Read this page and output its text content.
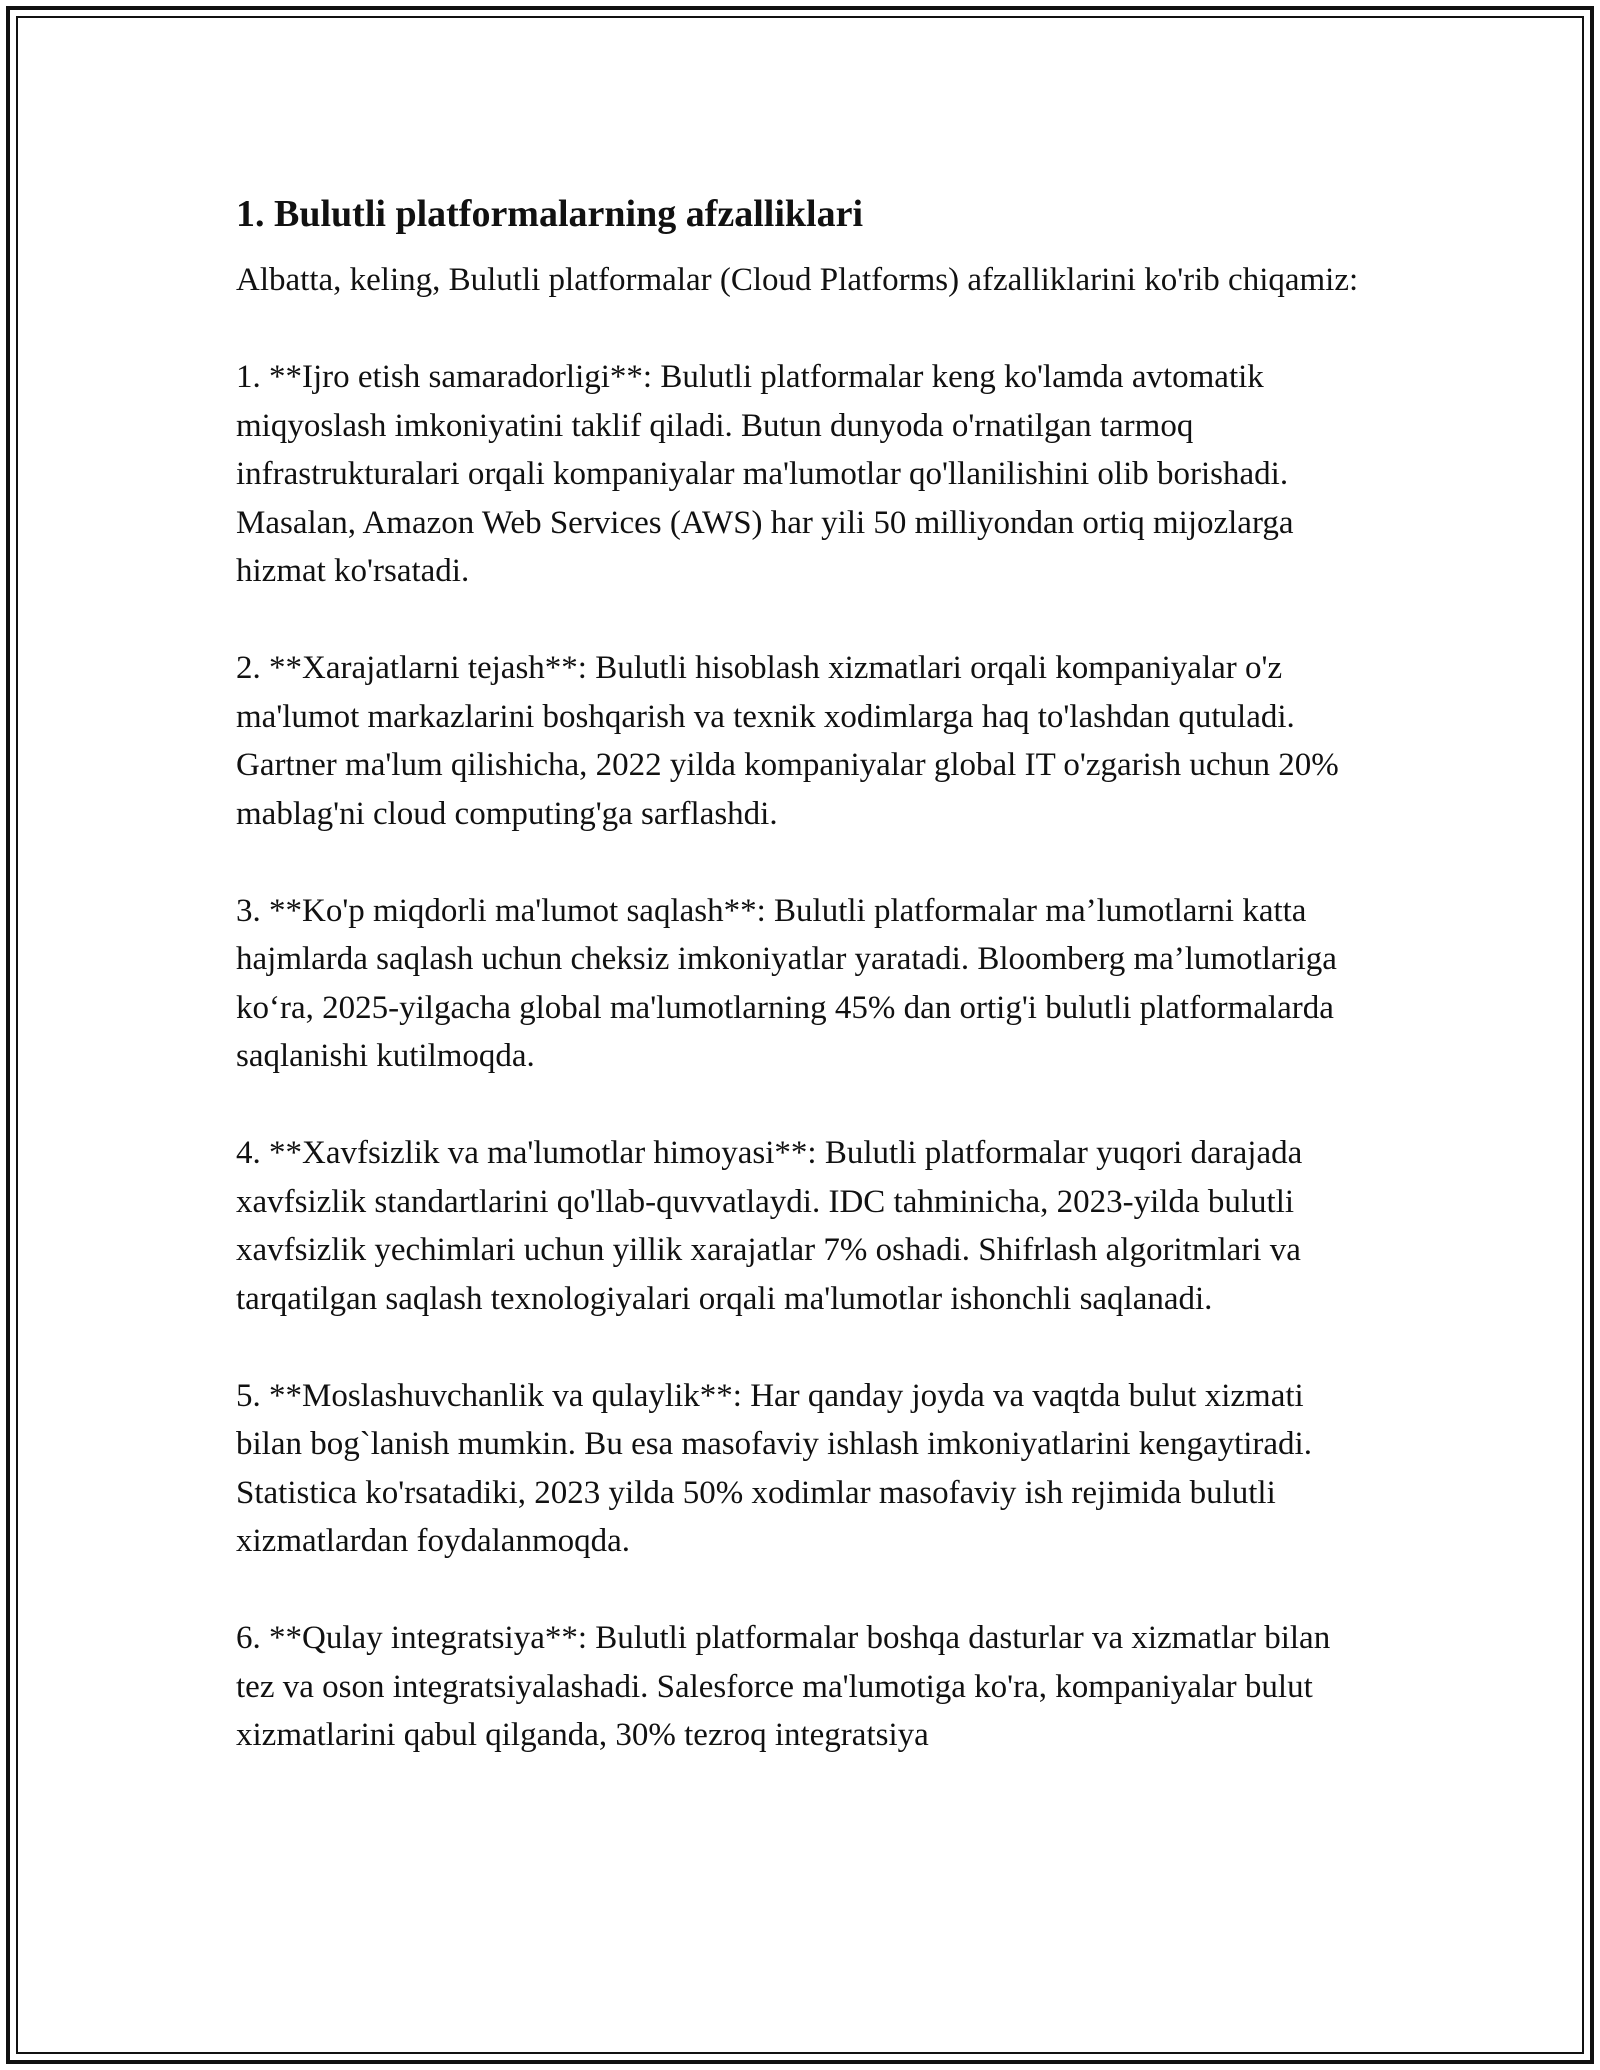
1. Bulutli platformalarning afzalliklari

Albatta, keling, Bulutli platformalar (Cloud Platforms) afzalliklarini ko'rib chiqamiz:

1. **Ijro etish samaradorligi**: Bulutli platformalar keng ko'lamda avtomatik miqyoslash imkoniyatini taklif qiladi. Butun dunyoda o'rnatilgan tarmoq infrastrukturalari orqali kompaniyalar ma'lumotlar qo'llanilishini olib borishadi. Masalan, Amazon Web Services (AWS) har yili 50 milliyondan ortiq mijozlarga hizmat ko'rsatadi.

2. **Xarajatlarni tejash**: Bulutli hisoblash xizmatlari orqali kompaniyalar o'z ma'lumot markazlarini boshqarish va texnik xodimlarga haq to'lashdan qutuladi. Gartner ma'lum qilishicha, 2022 yilda kompaniyalar global IT o'zgarish uchun 20% mablag'ni cloud computing'ga sarflashdi.

3. **Ko'p miqdorli ma'lumot saqlash**: Bulutli platformalar ma’lumotlarni katta hajmlarda saqlash uchun cheksiz imkoniyatlar yaratadi. Bloomberg ma’lumotlariga ko‘ra, 2025-yilgacha global ma'lumotlarning 45% dan ortig'i bulutli platformalarda saqlanishi kutilmoqda.

4. **Xavfsizlik va ma'lumotlar himoyasi**: Bulutli platformalar yuqori darajada xavfsizlik standartlarini qo'llab-quvvatlaydi. IDC tahminicha, 2023-yilda bulutli xavfsizlik yechimlari uchun yillik xarajatlar 7% oshadi. Shifrlash algoritmlari va tarqatilgan saqlash texnologiyalari orqali ma'lumotlar ishonchli saqlanadi.

5. **Moslashuvchanlik va qulaylik**: Har qanday joyda va vaqtda bulut xizmati bilan bog`lanish mumkin. Bu esa masofaviy ishlash imkoniyatlarini kengaytiradi. Statistica ko'rsatadiki, 2023 yilda 50% xodimlar masofaviy ish rejimida bulutli xizmatlardan foydalanmoqda.

6. **Qulay integratsiya**: Bulutli platformalar boshqa dasturlar va xizmatlar bilan tez va oson integratsiyalashadi. Salesforce ma'lumotiga ko'ra, kompaniyalar bulut xizmatlarini qabul qilganda, 30% tezroq integratsiya
